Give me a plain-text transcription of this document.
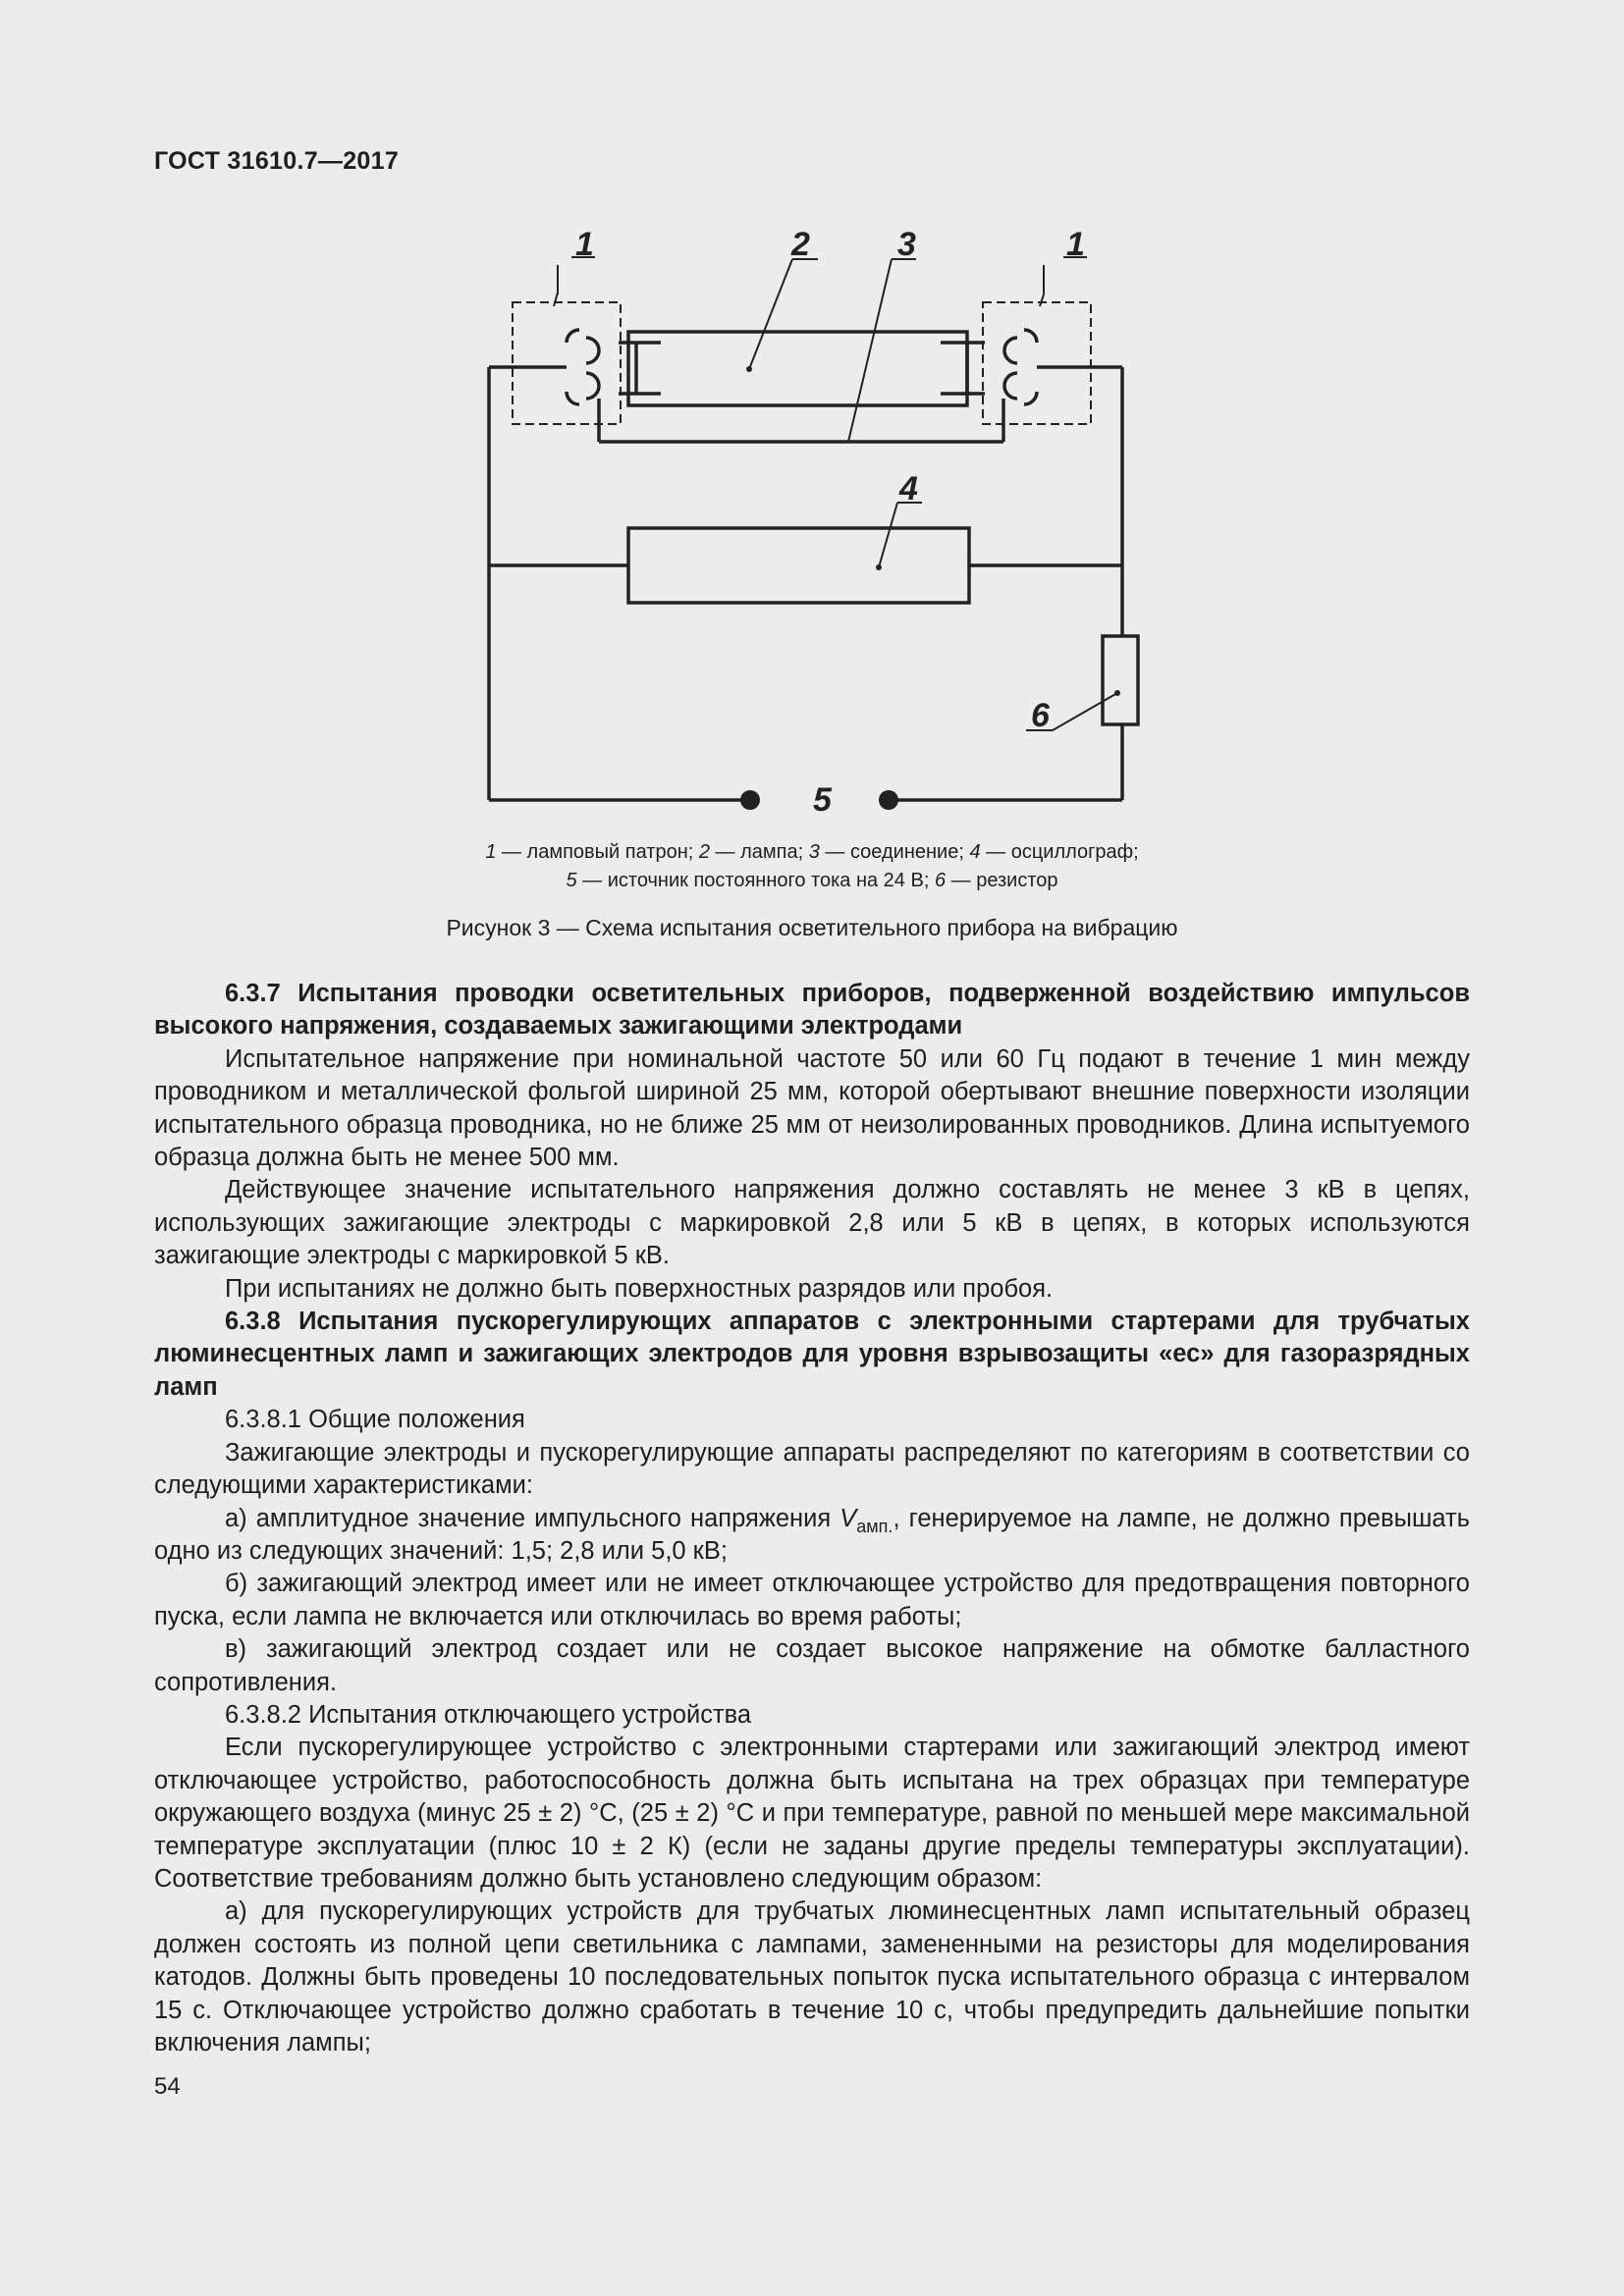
ГОСТ 31610.7—2017
1	2	3	1
4
5
6
1 — ламповый патрон; 2 — лампа; 3 — соединение; 4 — осциллограф;
5 — источник постоянного тока на 24 В; 6 — резистор
Рисунок 3 — Схема испытания осветительного прибора на вибрацию

6.3.7 Испытания проводки осветительных приборов, подверженной воздействию импульсов высокого напряжения, создаваемых зажигающими электродами

Испытательное напряжение при номинальной частоте 50 или 60 Гц подают в течение 1 мин между проводником и металлической фольгой шириной 25 мм, которой обертывают внешние поверхности изоляции испытательного образца проводника, но не ближе 25 мм от неизолированных проводников. Длина испытуемого образца должна быть не менее 500 мм.

Действующее значение испытательного напряжения должно составлять не менее 3 кВ в цепях, использующих зажигающие электроды с маркировкой 2,8 или 5 кВ в цепях, в которых используются зажигающие электроды с маркировкой 5 кВ.

При испытаниях не должно быть поверхностных разрядов или пробоя.

6.3.8 Испытания пускорегулирующих аппаратов с электронными стартерами для трубчатых люминесцентных ламп и зажигающих электродов для уровня взрывозащиты «ес» для газоразрядных ламп

6.3.8.1 Общие положения

Зажигающие электроды и пускорегулирующие аппараты распределяют по категориям в соответствии со следующими характеристиками:

а) амплитудное значение импульсного напряжения $V_{амп.}$, генерируемое на лампе, не должно превышать одно из следующих значений: 1,5; 2,8 или 5,0 кВ;

б) зажигающий электрод имеет или не имеет отключающее устройство для предотвращения повторного пуска, если лампа не включается или отключилась во время работы;

в) зажигающий электрод создает или не создает высокое напряжение на обмотке балластного сопротивления.

6.3.8.2 Испытания отключающего устройства

Если пускорегулирующее устройство с электронными стартерами или зажигающий электрод имеют отключающее устройство, работоспособность должна быть испытана на трех образцах при температуре окружающего воздуха (минус 25 ± 2) °С, (25 ± 2) °С и при температуре, равной по меньшей мере максимальной температуре эксплуатации (плюс 10 ± 2 К) (если не заданы другие пределы температуры эксплуатации). Соответствие требованиям должно быть установлено следующим образом:

а) для пускорегулирующих устройств для трубчатых люминесцентных ламп испытательный образец должен состоять из полной цепи светильника с лампами, замененными на резисторы для моделирования катодов. Должны быть проведены 10 последовательных попыток пуска испытательного образца с интервалом 15 с. Отключающее устройство должно сработать в течение 10 с, чтобы предупредить дальнейшие попытки включения лампы;

54
